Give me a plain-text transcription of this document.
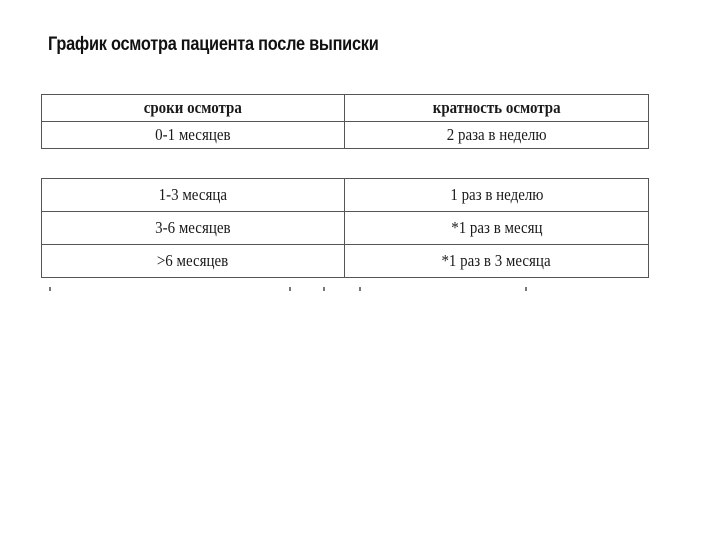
График осмотра пациента после выписки
сроки осмотра	кратность осмотра
0-1 месяцев	2 раза в неделю
1-3 месяца	1 раз в неделю
3-6 месяцев	*1 раз в месяц
>6 месяцев	*1 раз в 3 месяца
